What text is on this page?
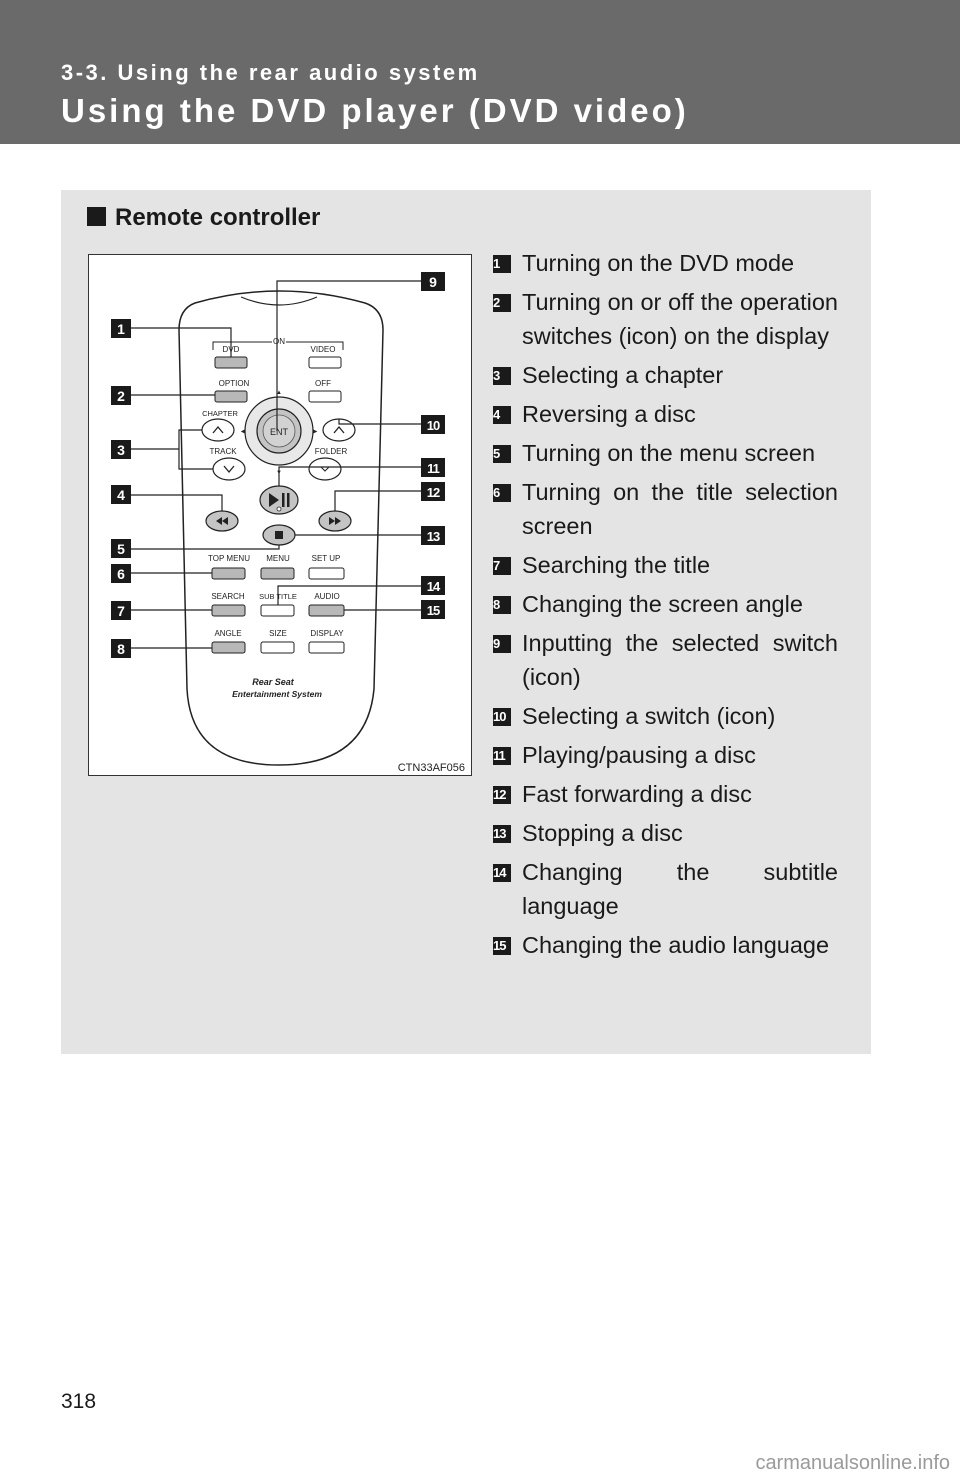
3-3. Using the rear audio system
Using the DVD player (DVD video)
Remote controller
ON
DVD	VIDEO
OPTION	OFF
ENT
▲
▼
◀	▶
CHAPTER
TRACK	FOLDER
TOP MENU MENU	SET UP
SEARCH SUB TITLE AUDIO
ANGLE	SIZE	DISPLAY
Rear Seat
Entertainment System
1
2
3
4
5
6
7
8
9
10
11
12
13
14
15
CTN33AF056
1 Turning on the DVD mode
2 Turning on or off the operation switches (icon) on the display
3 Selecting a chapter
4 Reversing a disc
5 Turning on the menu screen
6 Turning on the title selection screen
7 Searching the title
8 Changing the screen angle
9 Inputting the selected switch (icon)
10 Selecting a switch (icon)
11 Playing/pausing a disc
12 Fast forwarding a disc
13 Stopping a disc
14 Changing the subtitle language
15 Changing the audio language
318
carmanualsonline.info
